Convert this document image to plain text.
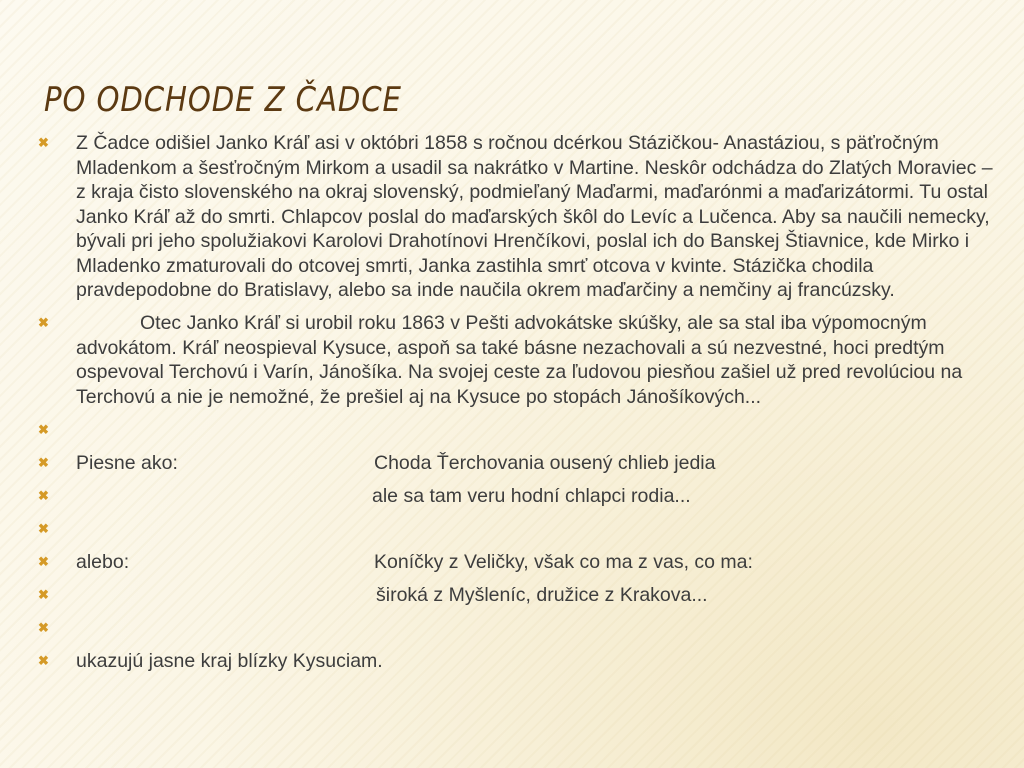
PO ODCHODE Z ČADCE
✖ Z Čadce odišiel Janko Kráľ asi v októbri 1858 s ročnou dcérkou Stázičkou- Anastáziou, s päťročným Mladenkom a šesťročným Mirkom a usadil sa nakrátko v Martine. Neskôr odchádza do Zlatých Moraviec – z kraja čisto slovenského na okraj slovenský, podmieľaný Maďarmi, maďarónmi a maďarizátormi. Tu ostal Janko Kráľ až do smrti. Chlapcov poslal do maďarských škôl do Levíc a Lučenca. Aby sa naučili nemecky, bývali pri jeho spolužiakovi Karolovi Drahotínovi Hrenčíkovi, poslal ich do Banskej Štiavnice, kde Mirko i Mladenko zmaturovali do otcovej smrti, Janka zastihla smrť otcova v kvinte. Stázička chodila pravdepodobne do Bratislavy, alebo sa inde naučila okrem maďarčiny a nemčiny aj francúzsky.
✖	Otec Janko Kráľ si urobil roku 1863 v Pešti advokátske skúšky, ale sa stal iba výpomocným advokátom. Kráľ neospieval Kysuce, aspoň sa také básne nezachovali a sú nezvestné, hoci predtým ospevoval Terchovú i Varín, Jánošíka. Na svojej ceste za ľudovou piesňou zašiel už pred revolúciou na Terchovú a nie je nemožné, že prešiel aj na Kysuce po stopách Jánošíkových...
✖
✖ Piesne ako:	Choda Ťerchovania ousený chlieb jedia
✖	ale sa tam veru hodní chlapci rodia...
✖
✖ alebo:	Koníčky z Veličky, však co ma z vas, co ma:
✖	široká z Myšleníc, družice z Krakova...
✖
✖ ukazujú jasne kraj blízky Kysuciam.
